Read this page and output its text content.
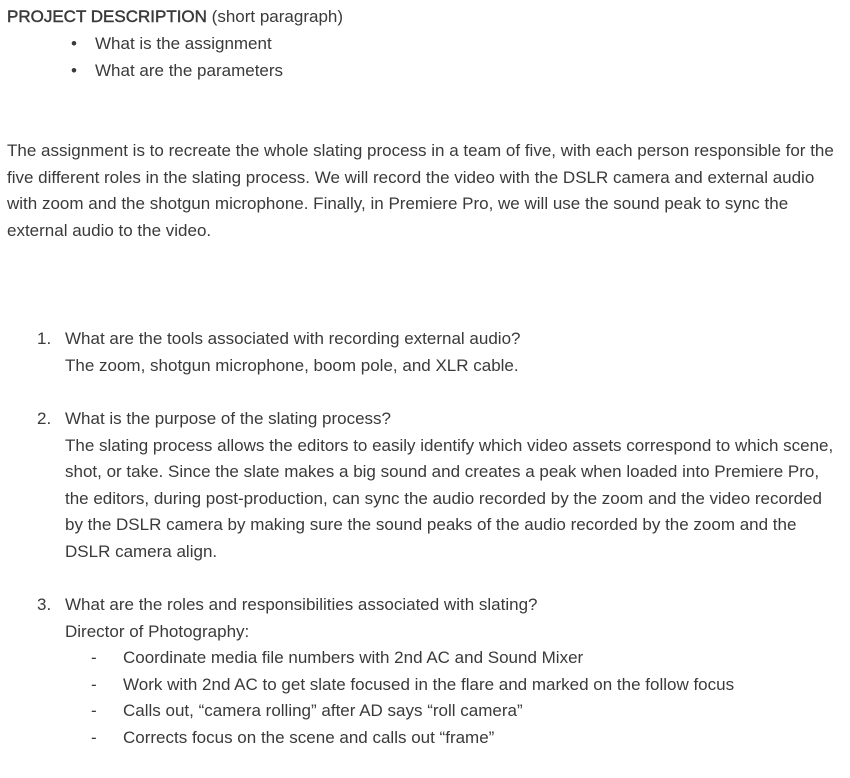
PROJECT DESCRIPTION (short paragraph)

• What is the assignment
• What are the parameters

The assignment is to recreate the whole slating process in a team of five, with each person responsible for the five different roles in the slating process. We will record the video with the DSLR camera and external audio with zoom and the shotgun microphone. Finally, in Premiere Pro, we will use the sound peak to sync the external audio to the video.

1. What are the tools associated with recording external audio?
The zoom, shotgun microphone, boom pole, and XLR cable.
2. What is the purpose of the slating process?
The slating process allows the editors to easily identify which video assets correspond to which scene, shot, or take. Since the slate makes a big sound and creates a peak when loaded into Premiere Pro, the editors, during post-production, can sync the audio recorded by the zoom and the video recorded by the DSLR camera by making sure the sound peaks of the audio recorded by the zoom and the DSLR camera align.
3. What are the roles and responsibilities associated with slating?
Director of Photography:
- Coordinate media file numbers with 2nd AC and Sound Mixer
- Work with 2nd AC to get slate focused in the flare and marked on the follow focus
- Calls out, “camera rolling” after AD says “roll camera”
- Corrects focus on the scene and calls out “frame”
